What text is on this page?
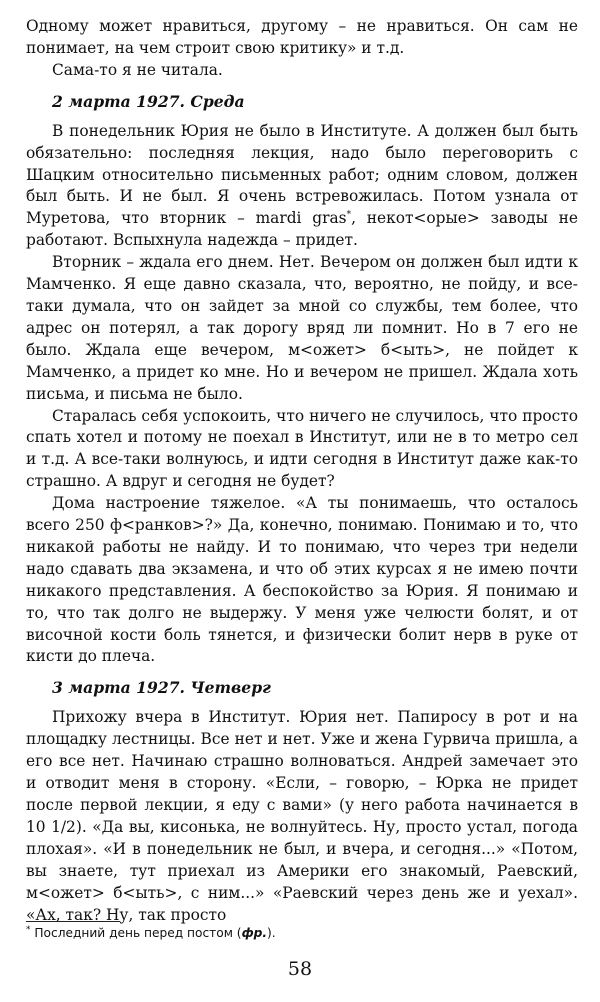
Одному может нравиться, другому – не нравиться. Он сам не понимает, на чем строит свою критику» и т.д.

Сама-то я не читала.

2 марта 1927. Среда

В понедельник Юрия не было в Институте. А должен был быть обязательно: последняя лекция, надо было переговорить с Шацким относительно письменных работ; одним словом, должен был быть. И не был. Я очень встревожилась. Потом узнала от Муретова, что вторник – mardi gras*, некот<орые> заводы не работают. Вспыхнула надежда – придет.

Вторник – ждала его днем. Нет. Вечером он должен был идти к Мамченко. Я еще давно сказала, что, вероятно, не пойду, и все-таки думала, что он зайдет за мной со службы, тем более, что адрес он потерял, а так дорогу вряд ли помнит. Но в 7 его не было. Ждала еще вечером, м<ожет> б<ыть>, не пойдет к Мамченко, а придет ко мне. Но и вечером не пришел. Ждала хоть письма, и письма не было.

Старалась себя успокоить, что ничего не случилось, что просто спать хотел и потому не поехал в Институт, или не в то метро сел и т.д. А все-таки волнуюсь, и идти сегодня в Институт даже как-то страшно. А вдруг и сегодня не будет?

Дома настроение тяжелое. «А ты понимаешь, что осталось всего 250 ф<ранков>?» Да, конечно, понимаю. Понимаю и то, что никакой работы не найду. И то понимаю, что через три недели надо сдавать два экзамена, и что об этих курсах я не имею почти никакого представления. А беспокойство за Юрия. Я понимаю и то, что так долго не выдержу. У меня уже челюсти болят, и от височной кости боль тянется, и физически болит нерв в руке от кисти до плеча.

3 марта 1927. Четверг

Прихожу вчера в Институт. Юрия нет. Папиросу в рот и на площадку лестницы. Все нет и нет. Уже и жена Гурвича пришла, а его все нет. Начинаю страшно волноваться. Андрей замечает это и отводит меня в сторону. «Если, – говорю, – Юрка не придет после первой лекции, я еду с вами» (у него работа начинается в 10 1/2). «Да вы, кисонька, не волнуйтесь. Ну, просто устал, погода плохая». «И в понедельник не был, и вчера, и сегодня...» «Потом, вы знаете, тут приехал из Америки его знакомый, Раевский, м<ожет> б<ыть>, с ним...» «Раевский через день же и уехал». «Ах, так? Ну, так просто

* Последний день перед постом (фр.).
58
